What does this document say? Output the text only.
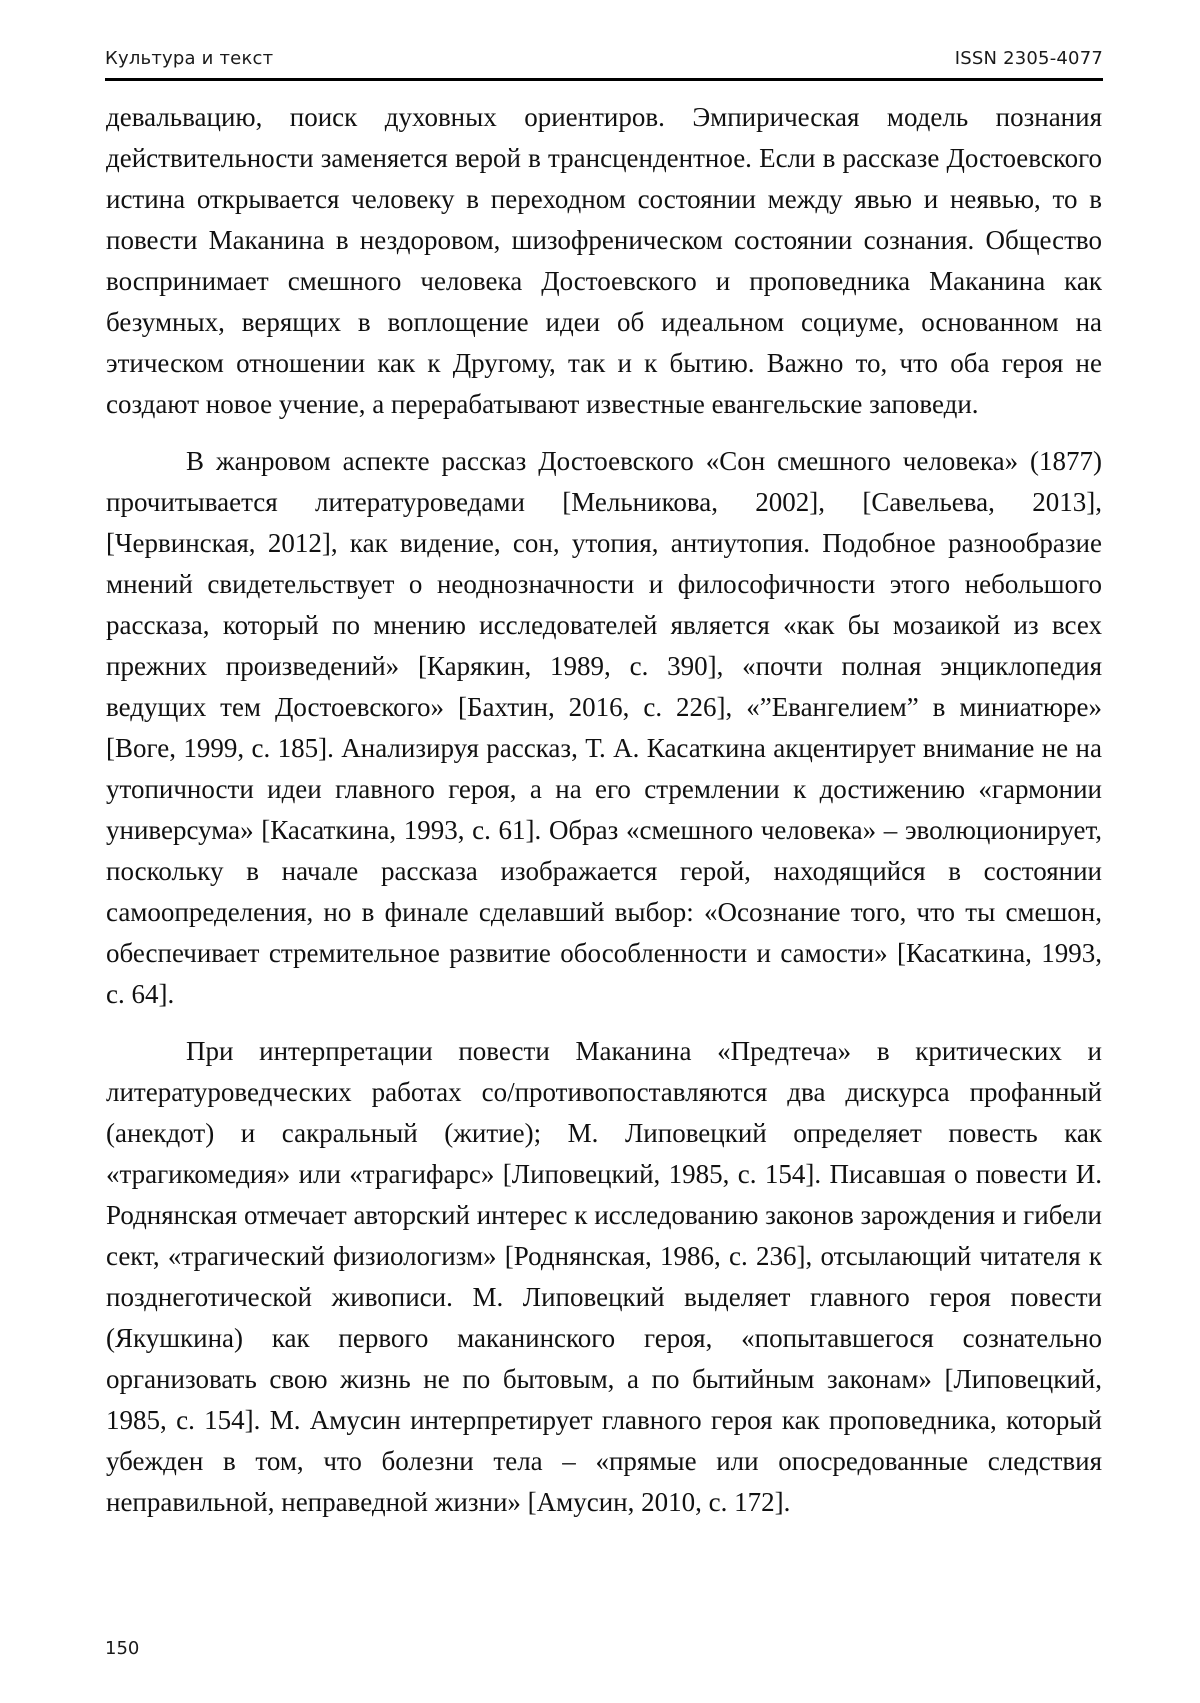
Культура и текст	ISSN 2305-4077

девальвацию, поиск духовных ориентиров. Эмпирическая модель познания действительности заменяется верой в трансцендентное. Если в рассказе Достоевского истина открывается человеку в переходном состоянии между явью и неявью, то в повести Маканина в нездоровом, шизофреническом состоянии сознания. Общество воспринимает смешного человека Достоевского и проповедника Маканина как безумных, верящих в воплощение идеи об идеальном социуме, основанном на этическом отношении как к Другому, так и к бытию. Важно то, что оба героя не создают новое учение, а перерабатывают известные евангельские заповеди.

В жанровом аспекте рассказ Достоевского «Сон смешного человека» (1877) прочитывается литературоведами [Мельникова, 2002], [Савельева, 2013], [Червинская, 2012], как видение, сон, утопия, антиутопия. Подобное разнообразие мнений свидетельствует о неоднозначности и философичности этого небольшого рассказа, который по мнению исследователей является «как бы мозаикой из всех прежних произведений» [Карякин, 1989, с. 390], «почти полная энциклопедия ведущих тем Достоевского» [Бахтин, 2016, с. 226], «”Евангелием” в миниатюре» [Воге, 1999, с. 185]. Анализируя рассказ, Т. А. Касаткина акцентирует внимание не на утопичности идеи главного героя, а на его стремлении к достижению «гармонии универсума» [Касаткина, 1993, с. 61]. Образ «смешного человека» – эволюционирует, поскольку в начале рассказа изображается герой, находящийся в состоянии самоопределения, но в финале сделавший выбор: «Осознание того, что ты смешон, обеспечивает стремительное развитие обособленности и самости» [Касаткина, 1993, с. 64].

При интерпретации повести Маканина «Предтеча» в критических и литературоведческих работах со/противопоставляются два дискурса профанный (анекдот) и сакральный (житие); М. Липовецкий определяет повесть как «трагикомедия» или «трагифарс» [Липовецкий, 1985, с. 154]. Писавшая о повести И. Роднянская отмечает авторский интерес к исследованию законов зарождения и гибели сект, «трагический физиологизм» [Роднянская, 1986, с. 236], отсылающий читателя к позднеготической живописи. М. Липовецкий выделяет главного героя повести (Якушкина) как первого маканинского героя, «попытавшегося сознательно организовать свою жизнь не по бытовым, а по бытийным законам» [Липовецкий, 1985, с. 154]. М. Амусин интерпретирует главного героя как проповедника, который убежден в том, что болезни тела – «прямые или опосредованные следствия неправильной, неправедной жизни» [Амусин, 2010, с. 172].

150
